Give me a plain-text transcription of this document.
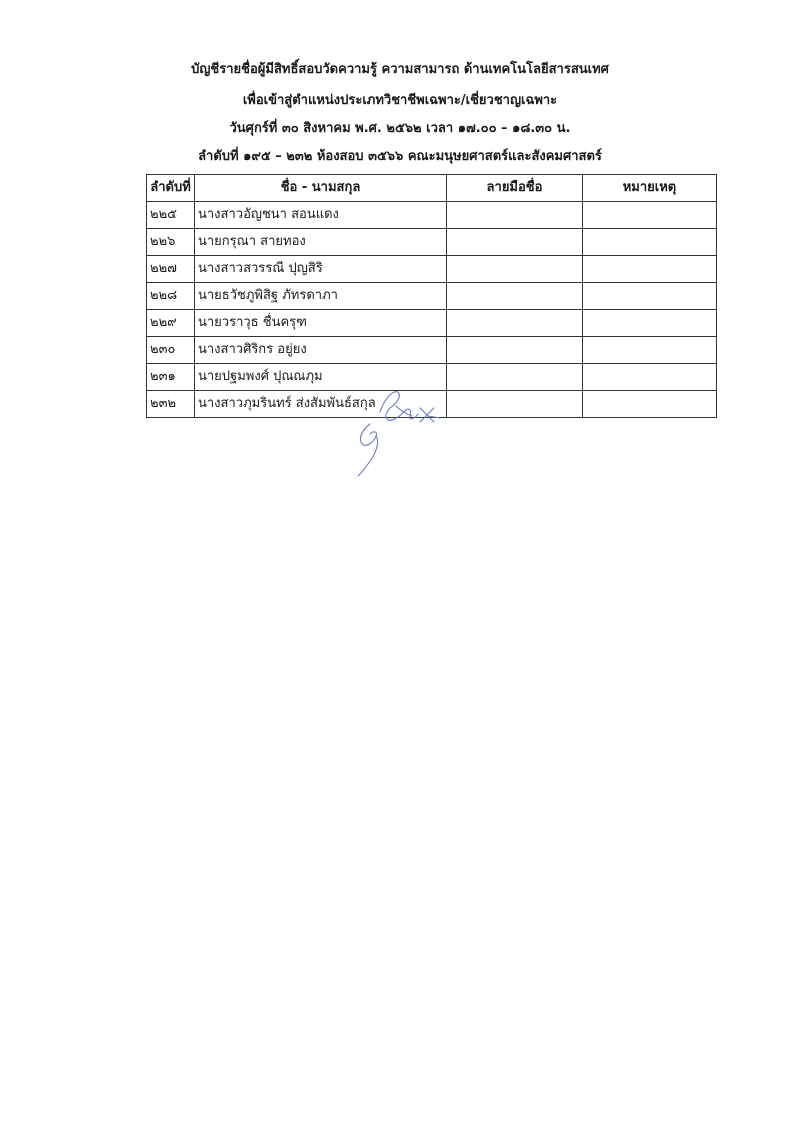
บัญชีรายชื่อผู้มีสิทธิ์สอบวัดความรู้ ความสามารถ ด้านเทคโนโลยีสารสนเทศ
เพื่อเข้าสู่ตำแหน่งประเภทวิชาชีพเฉพาะ/เชี่ยวชาญเฉพาะ
วันศุกร์ที่ ๓๐ สิงหาคม พ.ศ. ๒๕๖๒ เวลา ๑๗.๐๐ – ๑๘.๓๐ น.
ลำดับที่ ๑๙๕ – ๒๓๒ ห้องสอบ ๓๕๖๖ คณะมนุษยศาสตร์และสังคมศาสตร์
ลำดับที่	ชื่อ - นามสกุล	ลายมือชื่อ	หมายเหตุ
๒๒๕	นางสาวอัญชนา สอนแดง		
๒๒๖	นายกรุณา สายทอง		
๒๒๗	นางสาวสวรรณี ปุญสิริ		
๒๒๘	นายธวัชภูพิสิฐ ภัทรดาภา		
๒๒๙	นายวราวุธ ชื่นครุฑ		
๒๓๐	นางสาวศิริกร อยู่ยง		
๒๓๑	นายปฐมพงศ์ ปุณณภุม		
๒๓๒	นางสาวภุมรินทร์ ส่งสัมพันธ์สกุล		
